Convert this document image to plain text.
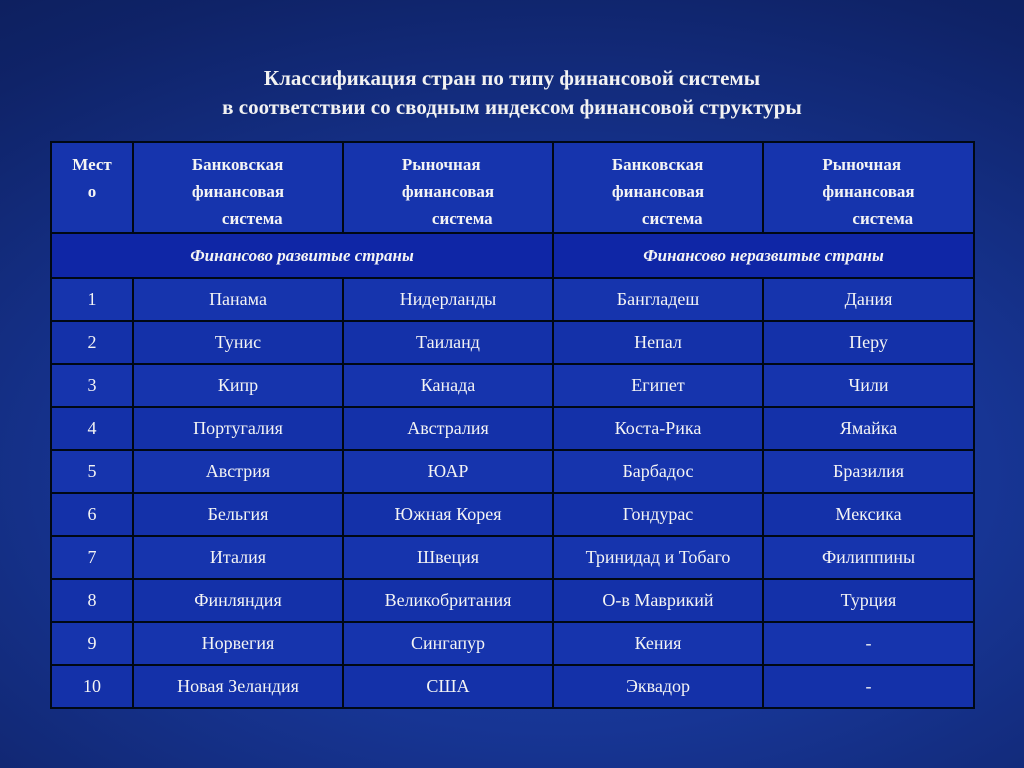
Классификация стран по типу финансовой системы
в соответствии со сводным индексом финансовой структуры
Мест
о	Банковская
финансовая
система	Рыночная
финансовая
система	Банковская
финансовая
система	Рыночная
финансовая
система

Финансово развитые страны			Финансово неразвитые страны	
1	Панама	Нидерланды	Бангладеш	Дания
2	Тунис	Таиланд	Непал	Перу
3	Кипр	Канада	Египет	Чили
4	Португалия	Австралия	Коста-Рика	Ямайка
5	Австрия	ЮАР	Барбадос	Бразилия
6	Бельгия	Южная Корея	Гондурас	Мексика
7	Италия	Швеция	Тринидад и Тобаго	Филиппины
8	Финляндия	Великобритания	О-в Маврикий	Турция
9	Норвегия	Сингапур	Кения	-
10	Новая Зеландия	США	Эквадор	-
